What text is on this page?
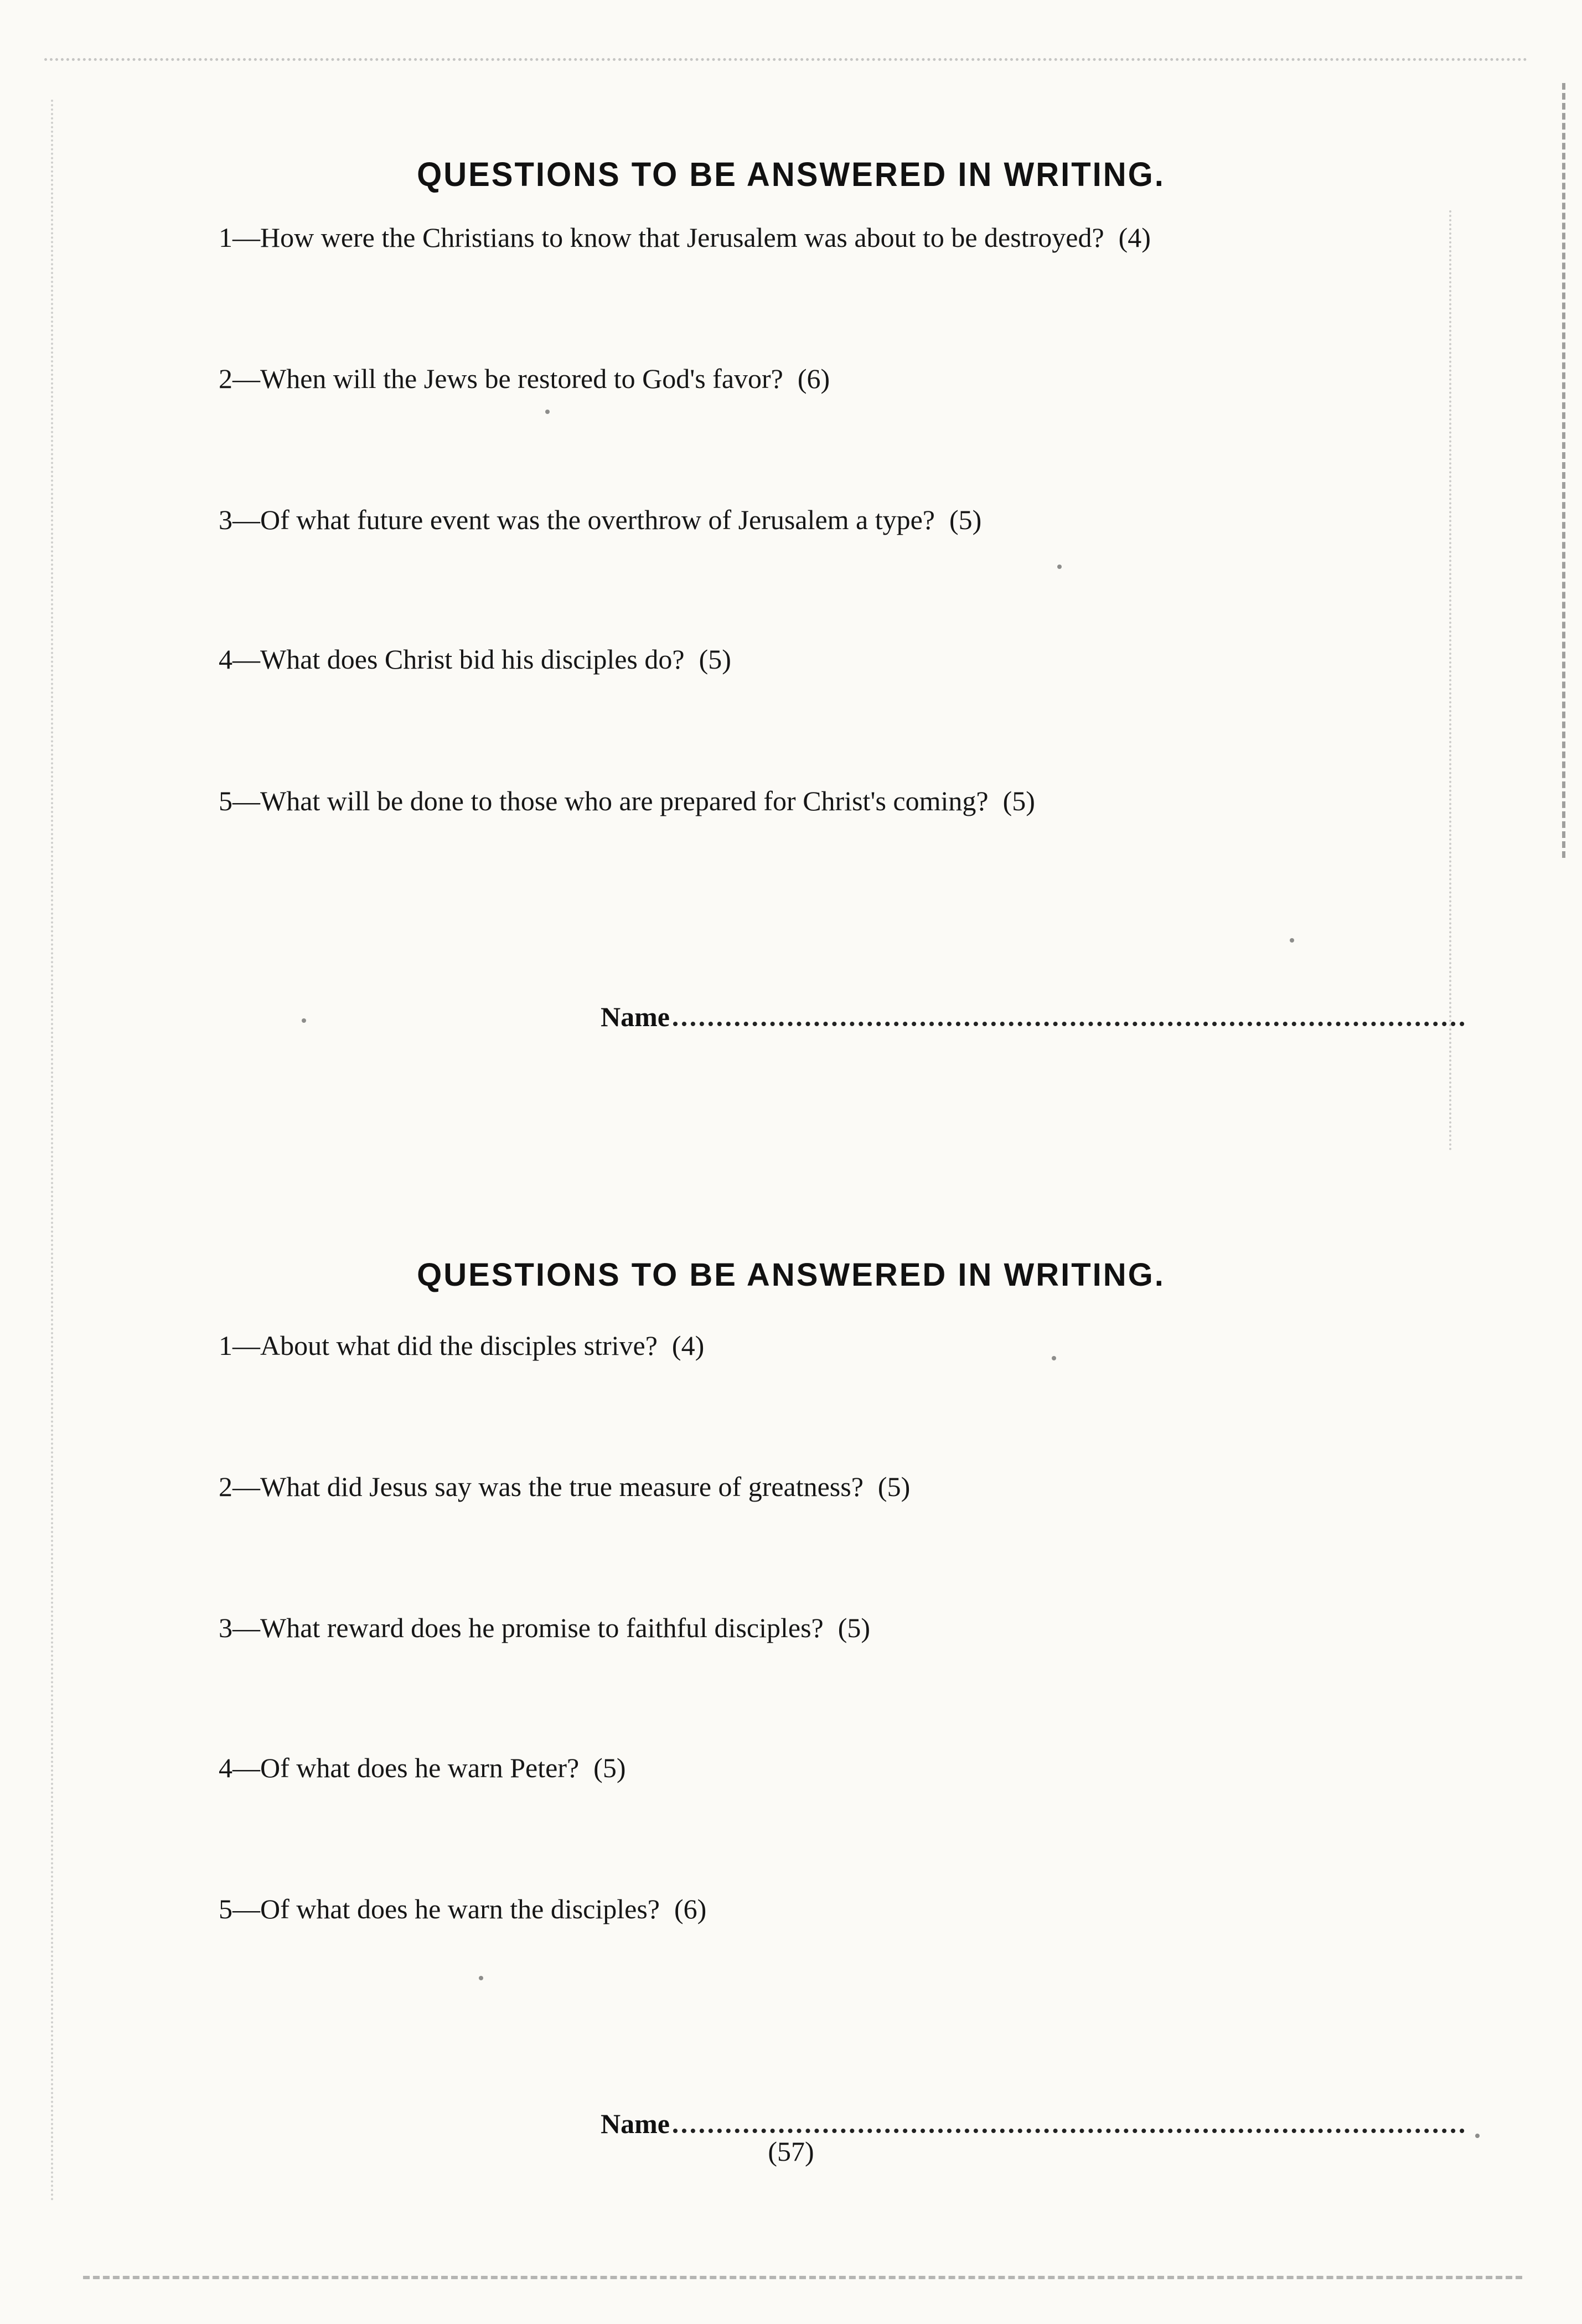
QUESTIONS TO BE ANSWERED IN WRITING.
1—How were the Christians to know that Jerusalem was about to be destroyed? (4)
2—When will the Jews be restored to God's favor? (6)
3—Of what future event was the overthrow of Jerusalem a type? (5)
4—What does Christ bid his disciples do? (5)
5—What will be done to those who are prepared for Christ's coming? (5)
Name
QUESTIONS TO BE ANSWERED IN WRITING.
1—About what did the disciples strive? (4)
2—What did Jesus say was the true measure of greatness? (5)
3—What reward does he promise to faithful disciples? (5)
4—Of what does he warn Peter? (5)
5—Of what does he warn the disciples? (6)
Name
(57)
